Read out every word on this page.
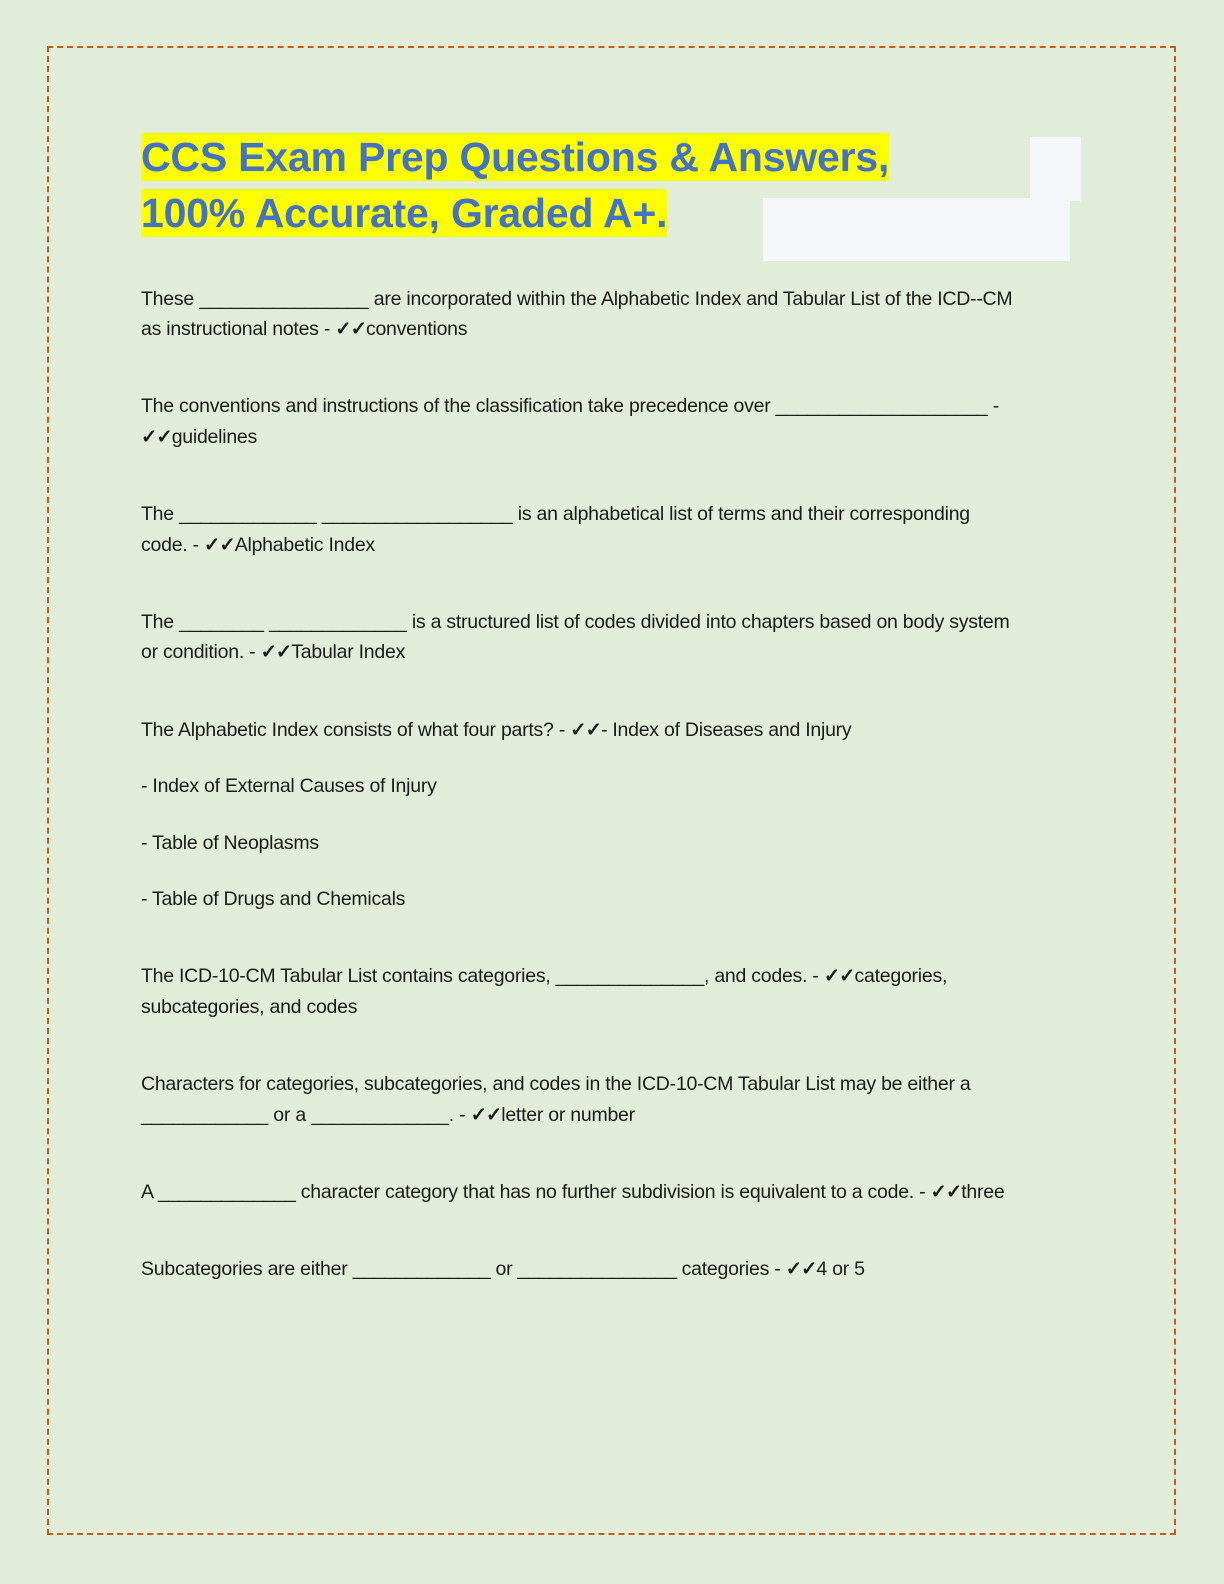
CCS Exam Prep Questions & Answers,
100% Accurate, Graded A+.

These ________________ are incorporated within the Alphabetic Index and Tabular List of the ICD--CM

as instructional notes - ✓✓conventions

The conventions and instructions of the classification take precedence over ____________________ -

✓✓guidelines

The _____________ __________________ is an alphabetical list of terms and their corresponding

code. - ✓✓Alphabetic Index

The ________ _____________ is a structured list of codes divided into chapters based on body system

or condition. - ✓✓Tabular Index

The Alphabetic Index consists of what four parts? - ✓✓- Index of Diseases and Injury

- Index of External Causes of Injury

- Table of Neoplasms

- Table of Drugs and Chemicals

The ICD-10-CM Tabular List contains categories, ______________, and codes. - ✓✓categories,

subcategories, and codes

Characters for categories, subcategories, and codes in the ICD-10-CM Tabular List may be either a

____________ or a _____________. - ✓✓letter or number

A _____________ character category that has no further subdivision is equivalent to a code. - ✓✓three

Subcategories are either _____________ or _______________ categories - ✓✓4 or 5
